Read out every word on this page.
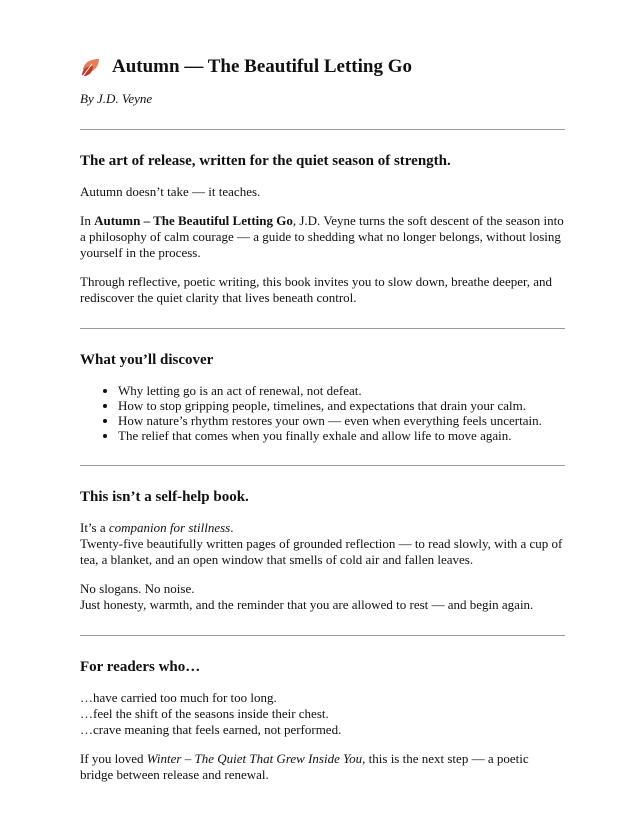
Autumn — The Beautiful Letting Go

By J.D. Veyne

The art of release, written for the quiet season of strength.

Autumn doesn’t take — it teaches.

In Autumn – The Beautiful Letting Go, J.D. Veyne turns the soft descent of the season into a philosophy of calm courage — a guide to shedding what no longer belongs, without losing yourself in the process.

Through reflective, poetic writing, this book invites you to slow down, breathe deeper, and rediscover the quiet clarity that lives beneath control.

What you’ll discover
• Why letting go is an act of renewal, not defeat.
• How to stop gripping people, timelines, and expectations that drain your calm.
• How nature’s rhythm restores your own — even when everything feels uncertain.
• The relief that comes when you finally exhale and allow life to move again.
This isn’t a self-help book.

It’s a companion for stillness.
Twenty-five beautifully written pages of grounded reflection — to read slowly, with a cup of tea, a blanket, and an open window that smells of cold air and fallen leaves.

No slogans. No noise.
Just honesty, warmth, and the reminder that you are allowed to rest — and begin again.

For readers who…

…have carried too much for too long.
…feel the shift of the seasons inside their chest.
…crave meaning that feels earned, not performed.

If you loved Winter – The Quiet That Grew Inside You, this is the next step — a poetic bridge between release and renewal.
